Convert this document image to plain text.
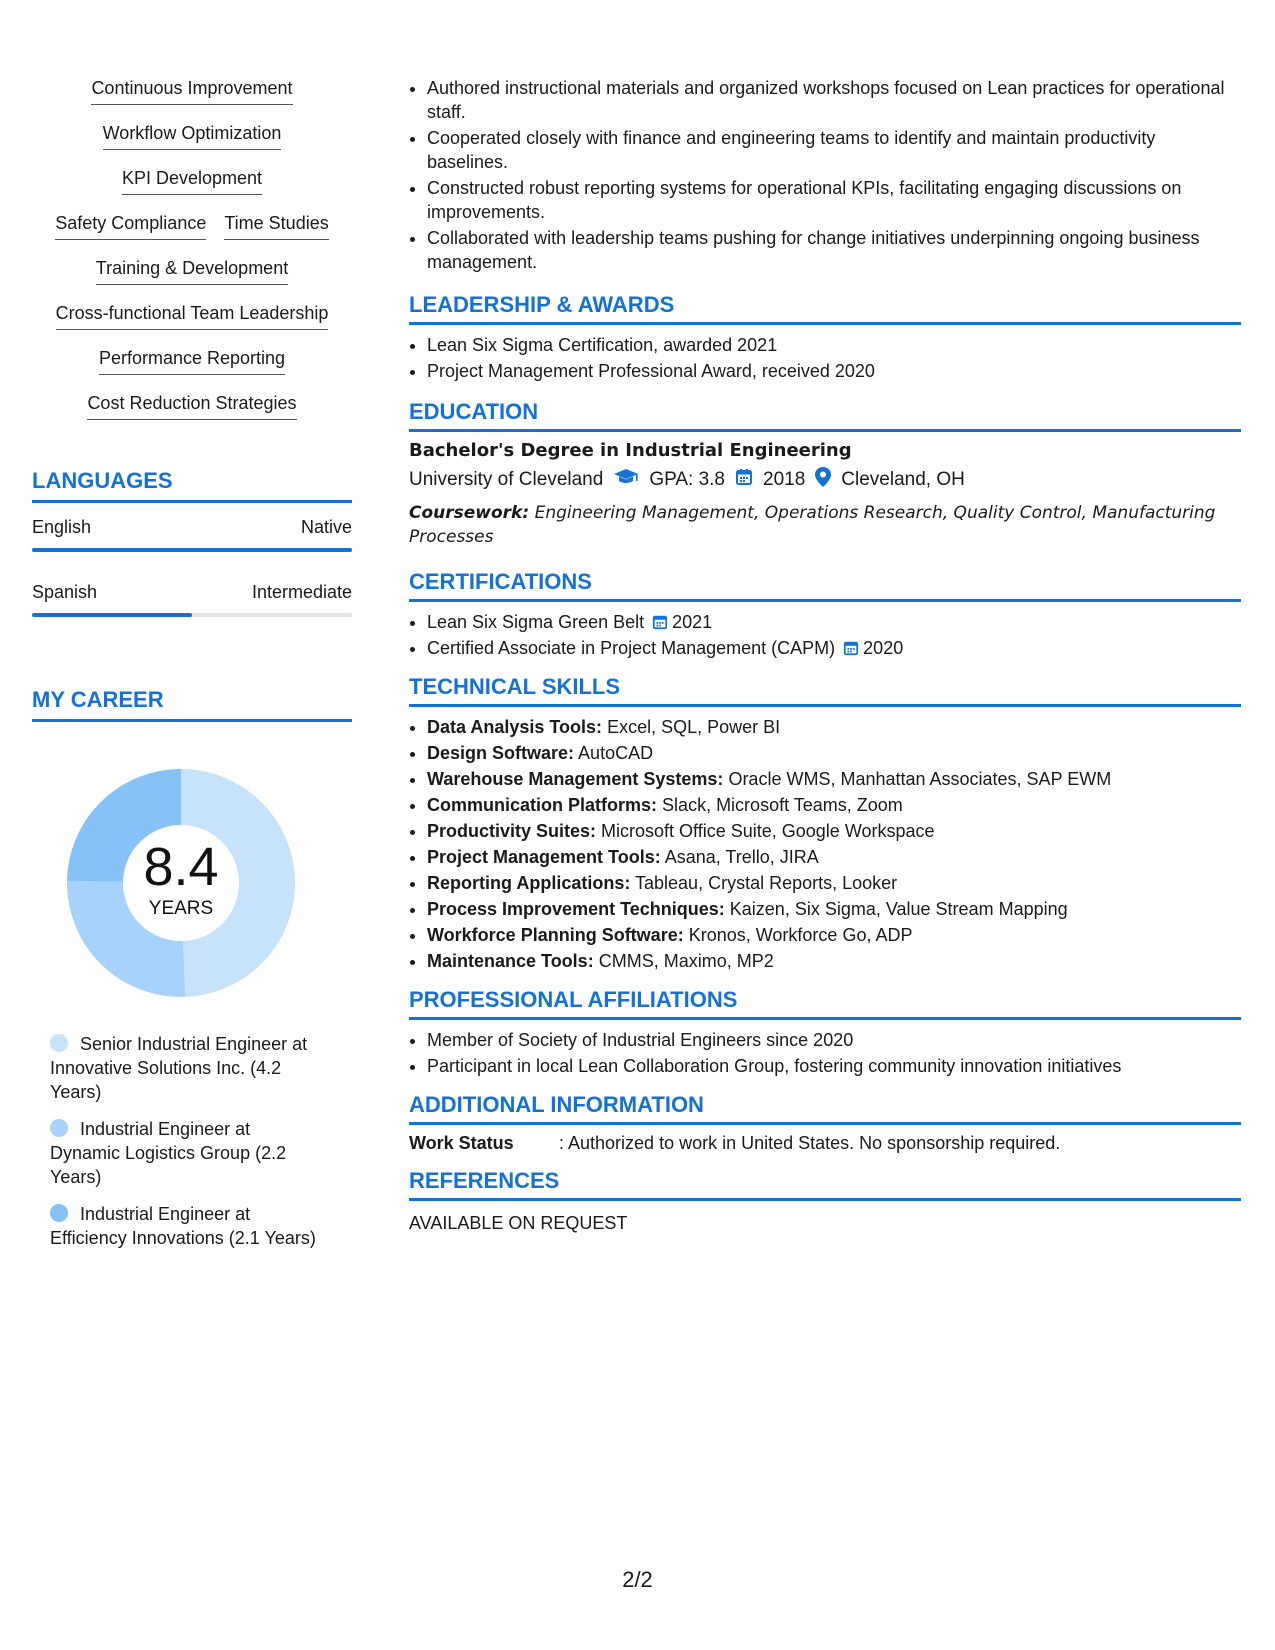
Continuous Improvement
Workflow Optimization
KPI Development
Safety Compliance Time Studies
Training & Development
Cross-functional Team Leadership
Performance Reporting
Cost Reduction Strategies
LANGUAGES
English	Native
Spanish	Intermediate
MY CAREER
8.4
YEARS
Senior Industrial Engineer at Innovative Solutions Inc. (4.2 Years)
Industrial Engineer at Dynamic Logistics Group (2.2 Years)
Industrial Engineer at Efficiency Innovations (2.1 Years)
• Authored instructional materials and organized workshops focused on Lean practices for operational staff.
• Cooperated closely with finance and engineering teams to identify and maintain productivity baselines.
• Constructed robust reporting systems for operational KPIs, facilitating engaging discussions on improvements.
• Collaborated with leadership teams pushing for change initiatives underpinning ongoing business management.
LEADERSHIP & AWARDS
• Lean Six Sigma Certification, awarded 2021
• Project Management Professional Award, received 2020
EDUCATION
Bachelor's Degree in Industrial Engineering
University of Cleveland GPA: 3.8 2018 Cleveland, OH
Coursework: Engineering Management, Operations Research, Quality Control, Manufacturing Processes
CERTIFICATIONS
• Lean Six Sigma Green Belt 2021
• Certified Associate in Project Management (CAPM) 2020
TECHNICAL SKILLS
• Data Analysis Tools: Excel, SQL, Power BI
• Design Software: AutoCAD
• Warehouse Management Systems: Oracle WMS, Manhattan Associates, SAP EWM
• Communication Platforms: Slack, Microsoft Teams, Zoom
• Productivity Suites: Microsoft Office Suite, Google Workspace
• Project Management Tools: Asana, Trello, JIRA
• Reporting Applications: Tableau, Crystal Reports, Looker
• Process Improvement Techniques: Kaizen, Six Sigma, Value Stream Mapping
• Workforce Planning Software: Kronos, Workforce Go, ADP
• Maintenance Tools: CMMS, Maximo, MP2
PROFESSIONAL AFFILIATIONS
• Member of Society of Industrial Engineers since 2020
• Participant in local Lean Collaboration Group, fostering community innovation initiatives
ADDITIONAL INFORMATION
Work Status	: Authorized to work in United States. No sponsorship required.
REFERENCES
AVAILABLE ON REQUEST
2/2
